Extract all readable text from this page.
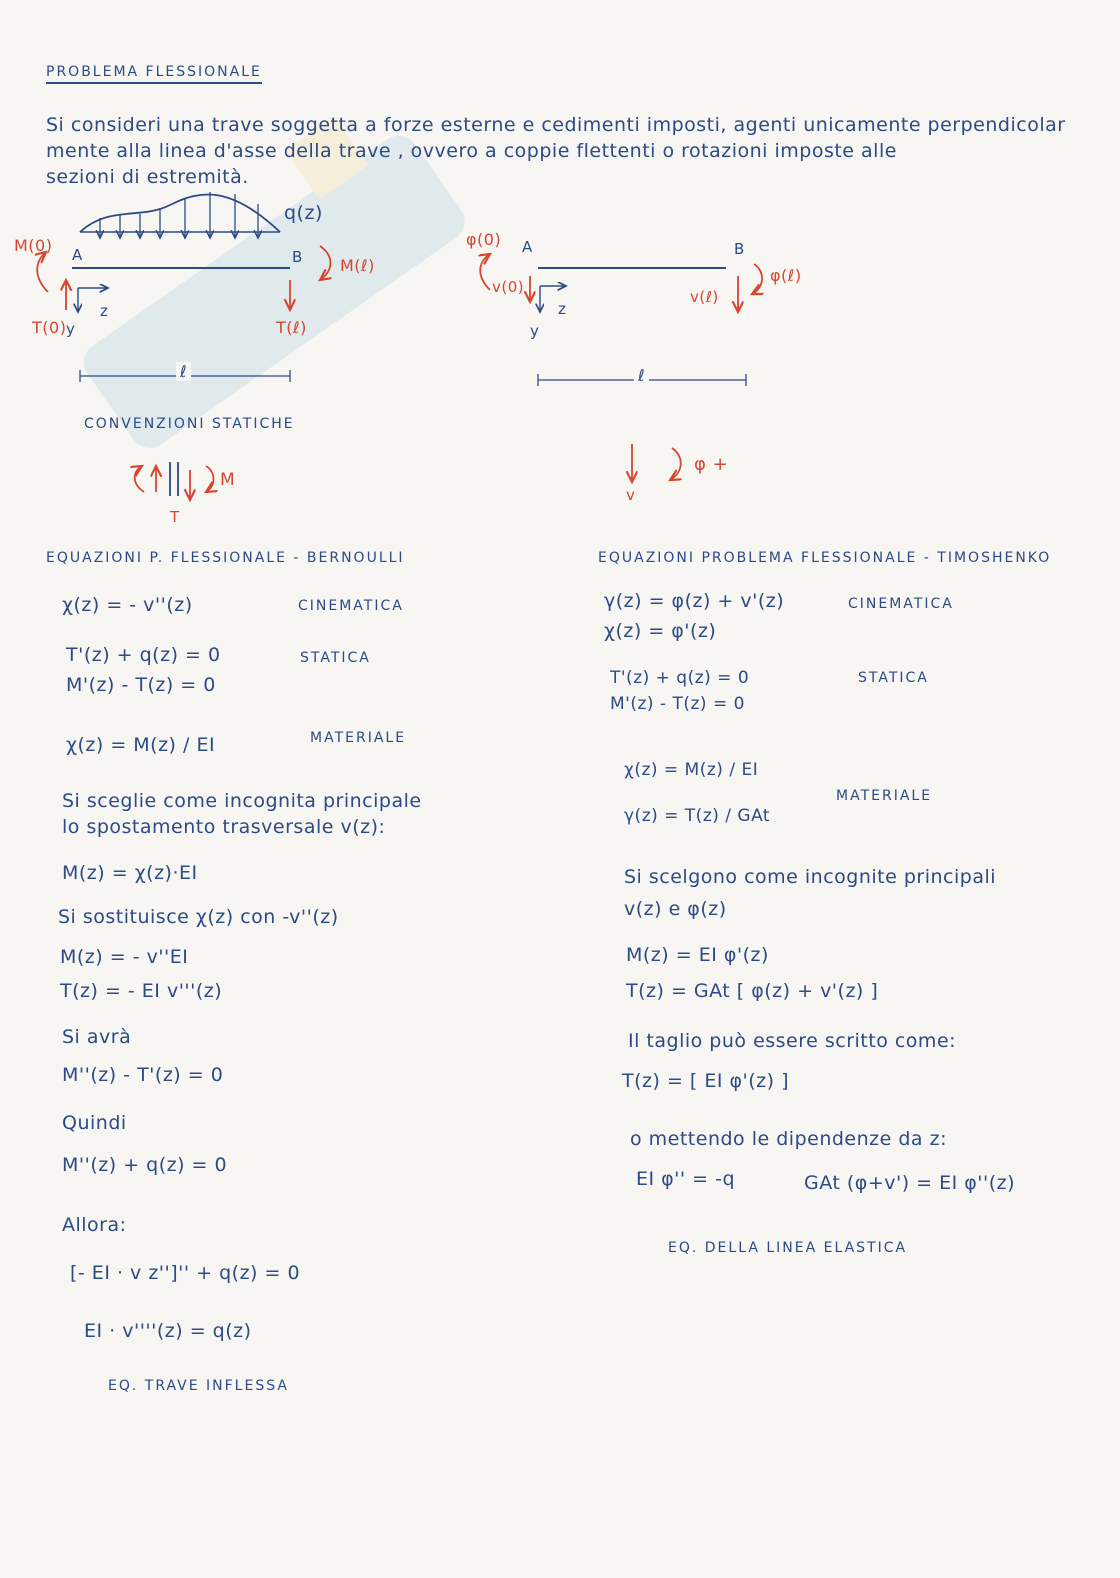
PROBLEMA FLESSIONALE
Si consideri una trave soggetta a forze esterne e cedimenti imposti, agenti unicamente perpendicolar
mente alla linea d'asse della trave , ovvero a coppie flettenti o rotazioni imposte alle
sezioni di estremità.
q(z)
M(0) A	B M(ℓ)
T(0) y
z
T(ℓ)
ℓ
φ(0) A	B
φ(ℓ)
v(0)
v(ℓ)
y
z
ℓ
CONVENZIONI STATICHE
M
T
v
φ +
EQUAZIONI P. FLESSIONALE - BERNOULLI
χ(z) = - v''(z)	CINEMATICA
T'(z) + q(z) = 0
M'(z) - T(z) = 0
STATICA
χ(z) = M(z) / EI	MATERIALE
Si sceglie come incognita principale
lo spostamento trasversale v(z):
M(z) = χ(z)·EI
Si sostituisce χ(z) con -v''(z)
M(z) = - v''EI
T(z) = - EI v'''(z)
Si avrà
M''(z) - T'(z) = 0
Quindi
M''(z) + q(z) = 0
Allora:
[- EI · v z'']'' + q(z) = 0
EI · v''''(z) = q(z)
EQ. TRAVE INFLESSA
EQUAZIONI PROBLEMA FLESSIONALE - TIMOSHENKO
γ(z) = φ(z) + v'(z)
χ(z) = φ'(z)
CINEMATICA
T'(z) + q(z) = 0
M'(z) - T(z) = 0
STATICA
χ(z) = M(z) / EI
γ(z) = T(z) / GAt
MATERIALE
Si scelgono come incognite principali
v(z) e φ(z)
M(z) = EI φ'(z)
T(z) = GAt [ φ(z) + v'(z) ]
Il taglio può essere scritto come:
T(z) = [ EI φ'(z) ]
o mettendo le dipendenze da z:
EI φ'' = -q	GAt (φ+v') = EI φ''(z)
EQ. DELLA LINEA ELASTICA
